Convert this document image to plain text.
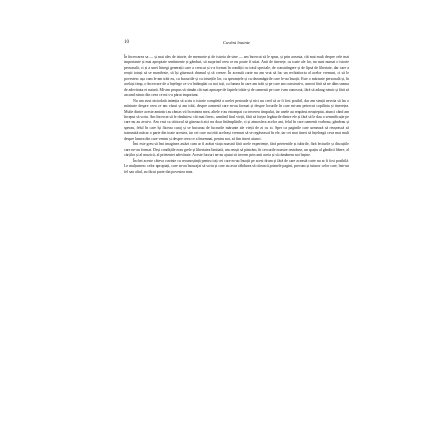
10	Cuvânt înainte

În încercarea sa — și mai ales de istorie, de memorie și de istoria de sine — am încercat să le spun, și prin aceasta, cât mai mult despre cele mai importante și mai apropiate sentimente și gânduri, să surprind ceea ce nu poate fi uitat. Anii de tinerețe, cu toate ale lor, nu sunt numai o istorie personală, ci și a unei întregi generații care a crescut și s-a format în condiții cu totul speciale, de constrângere și de lipsă de libertate, dar care a reușit totuși să se manifeste, să își găsească drumul și să creeze. În această carte nu am vrut să fac un rechizitoriu al acelor vremuri, ci să le povestesc așa cum le-am trăit eu, cu bucuriile și cu tristețile lor, cu speranțele și cu dezamăgirile care le-au însoțit. Este o mărturie personală și, în același timp, o încercare de a înțelege ce s-a întâmplat cu noi toți, cu lumea în care am trăit și pe care am construit-o, uneori fără să ne dăm seama de adevărata ei natură. Mi-am propus să rămân cât mai aproape de faptele trăite și de oamenii pe care i-am cunoscut, fără să adaug nimic și fără să ascund nimic din ceea ce mi s-a părut important.

Nu am avut niciodată intenția să scriu o istorie completă a acelei perioade și nici nu cred că ar fi fost posibil, dar am simțit nevoia să las o mărturie despre ceea ce am văzut și am trăit, despre oamenii care m-au format și despre locurile în care mi-am petrecut copilăria și tinerețea. Multe dintre aceste amintiri au rămas vii în mintea mea, altele s-au estompat cu trecerea timpului, iar unele au reapărut neașteptat, atunci când am început să scriu. Am încercat să le rânduiesc cât mai firesc, urmând firul vieții, fără să forțez legăturile dintre ele și fără să le dau o semnificație pe care nu au avut-o. Am vrut ca cititorul să găsească aici nu doar întâmplările, ci și atmosfera acelor ani, felul în care oamenii vorbeau, gândeau și sperau, felul în care își făceau curaj și se bucurau de lucrurile mărunte ale vieții de zi cu zi. Sper ca paginile care urmează să reușească să transmită măcar o parte din toate acestea, iar cei care au trăit aceleași vremuri să se regăsească în ele, iar cei mai tineri să înțeleagă ceva mai mult despre lumea din care venim și despre ceea ce a însemnat, pentru noi, să fim tineri atunci.

Îmi este greu să îmi imaginez astăzi cum ar fi arătat viața noastră fără acele experiențe, fără prieteniile și iubirile, fără lecturile și discuțiile care ne-au format. Deși condițiile erau grele și libertatea limitată, am reușit să păstrăm, în cercurile noastre restrânse, un spațiu al gândirii libere, al cărților și al muzicii, al prieteniei adevărate. Aceste lucruri ne-au ajutat să trecem prin anii aceia și să rămânem noi înșine.

Închei aceste câteva cuvinte cu recunoștință pentru toți cei care m-au însoțit pe acest drum și fără de care această carte nu ar fi fost posibilă. Le mulțumesc celor apropiați, care m-au încurajat să scriu și care au avut răbdarea să citească primele pagini, precum și tuturor celor care, într-un fel sau altul, au făcut parte din povestea mea.
